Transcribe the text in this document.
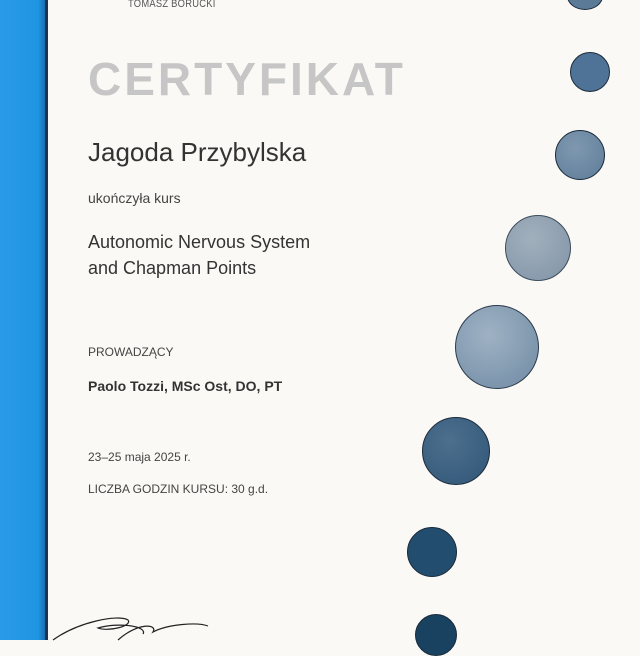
TOMASZ BORUCKI
CERTYFIKAT
Jagoda Przybylska
ukończyła kurs
Autonomic Nervous System
and Chapman Points
PROWADZĄCY
Paolo Tozzi, MSc Ost, DO, PT
23–25 maja 2025 r.
LICZBA GODZIN KURSU: 30 g.d.
